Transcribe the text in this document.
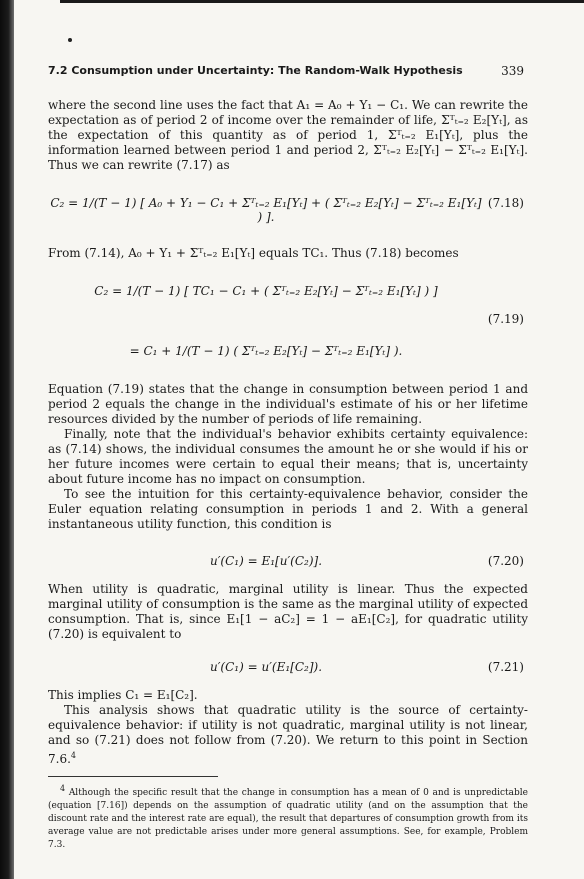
7.2 Consumption under Uncertainty: The Random-Walk Hypothesis	339

where the second line uses the fact that A₁ = A₀ + Y₁ − C₁. We can rewrite the expectation as of period 2 of income over the remainder of life, Σᵀₜ₌₂ E₂[Yₜ], as the expectation of this quantity as of period 1, Σᵀₜ₌₂ E₁[Yₜ], plus the information learned between period 1 and period 2, Σᵀₜ₌₂ E₂[Yₜ] − Σᵀₜ₌₂ E₁[Yₜ]. Thus we can rewrite (7.17) as

C₂ = 1/(T − 1) [ A₀ + Y₁ − C₁ + Σᵀₜ₌₂ E₁[Yₜ] + ( Σᵀₜ₌₂ E₂[Yₜ] − Σᵀₜ₌₂ E₁[Yₜ] ) ].
(7.18)

From (7.14), A₀ + Y₁ + Σᵀₜ₌₂ E₁[Yₜ] equals TC₁. Thus (7.18) becomes

C₂ = 1/(T − 1) [ TC₁ − C₁ + ( Σᵀₜ₌₂ E₂[Yₜ] − Σᵀₜ₌₂ E₁[Yₜ] ) ]
(7.19)
= C₁ + 1/(T − 1) ( Σᵀₜ₌₂ E₂[Yₜ] − Σᵀₜ₌₂ E₁[Yₜ] ).

Equation (7.19) states that the change in consumption between period 1 and period 2 equals the change in the individual's estimate of his or her lifetime resources divided by the number of periods of life remaining.

Finally, note that the individual's behavior exhibits certainty equivalence: as (7.14) shows, the individual consumes the amount he or she would if his or her future incomes were certain to equal their means; that is, uncertainty about future income has no impact on consumption.

To see the intuition for this certainty-equivalence behavior, consider the Euler equation relating consumption in periods 1 and 2. With a general instantaneous utility function, this condition is

u′(C₁) = E₁[u′(C₂)].	(7.20)

When utility is quadratic, marginal utility is linear. Thus the expected marginal utility of consumption is the same as the marginal utility of expected consumption. That is, since E₁[1 − aC₂] = 1 − aE₁[C₂], for quadratic utility (7.20) is equivalent to

u′(C₁) = u′(E₁[C₂]).	(7.21)

This implies C₁ = E₁[C₂].

This analysis shows that quadratic utility is the source of certainty-equivalence behavior: if utility is not quadratic, marginal utility is not linear, and so (7.21) does not follow from (7.20). We return to this point in Section 7.6.$^4$

$^4$ Although the specific result that the change in consumption has a mean of 0 and is unpredictable (equation [7.16]) depends on the assumption of quadratic utility (and on the assumption that the discount rate and the interest rate are equal), the result that departures of consumption growth from its average value are not predictable arises under more general assumptions. See, for example, Problem 7.3.
